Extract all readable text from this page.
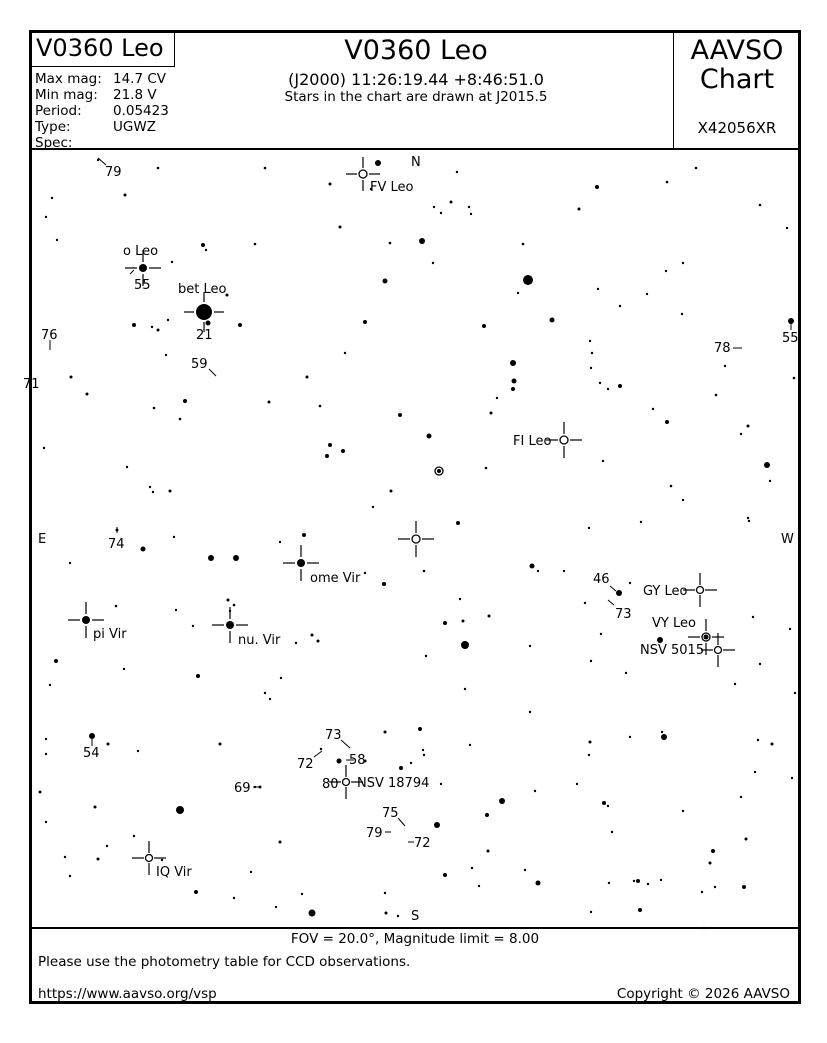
V0360 Leo
Max mag: 14.7 CV
Min mag: 21.8 V
Period: 0.05423
Type:	UGWZ
Spec:
V0360 Leo
(J2000) 11:26:19.44 +8:46:51.0
Stars in the chart are drawn at J2015.5
AAVSO
Chart
X42056XR
N
S
E	W
FV Leo
o Leo
bet Leo
FI Leo
ome Vir
pi Vir	nu. Vir
GY Leo
VY Leo
NSV 5015
NSV 18794
IQ Vir
79
55
21
76
71
59
78
55
74
46
73
54
73
58
72
80
69
75
79
72
FOV = 20.0°, Magnitude limit = 8.00
Please use the photometry table for CCD observations.
https://www.aavso.org/vsp	Copyright © 2026 AAVSO
